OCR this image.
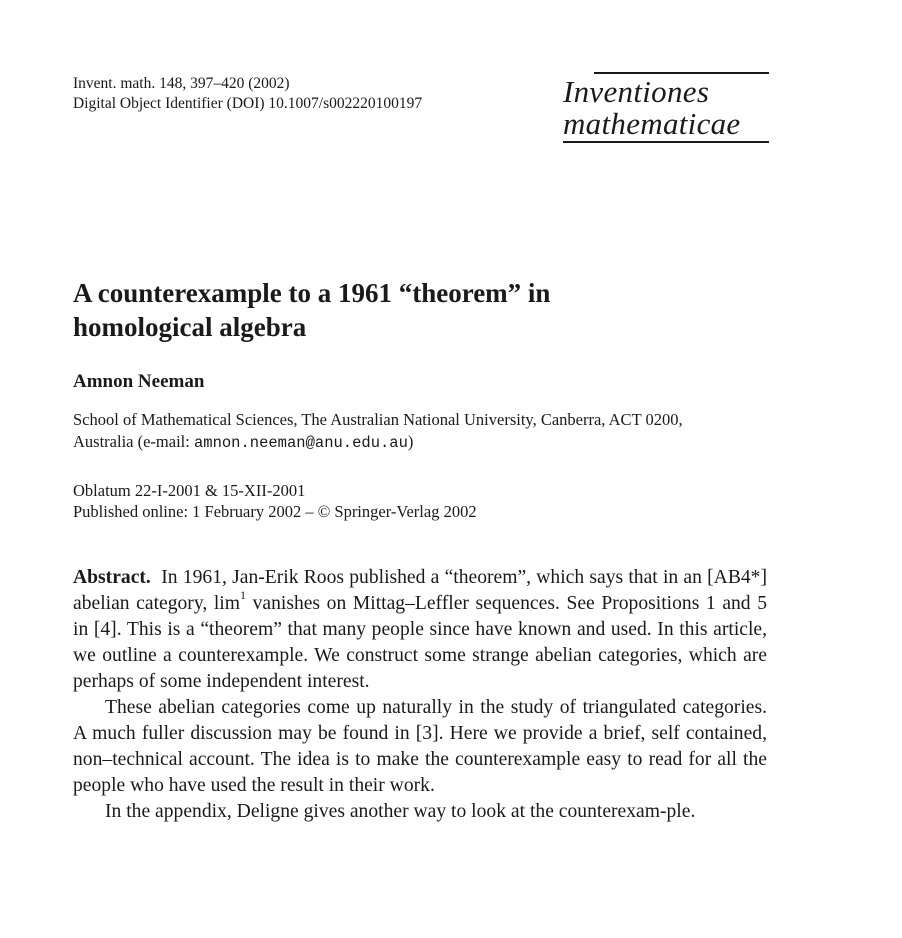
Invent. math. 148, 397–420 (2002)
Digital Object Identifier (DOI) 10.1007/s002220100197	Inventiones
mathematicae
A counterexample to a 1961 “theorem” in
homological algebra
Amnon Neeman
School of Mathematical Sciences, The Australian National University, Canberra, ACT 0200,
Australia (e-mail: amnon.neeman@anu.edu.au)
Oblatum 22-I-2001 & 15-XII-2001
Published online: 1 February 2002 – © Springer-Verlag 2002

Abstract. In 1961, Jan-Erik Roos published a “theorem”, which says that in an [AB4*] abelian category, $\lim^1$ vanishes on Mittag–Leffler sequences. See Propositions 1 and 5 in [4]. This is a “theorem” that many people since have known and used. In this article, we outline a counterexample. We construct some strange abelian categories, which are perhaps of some independent interest.

These abelian categories come up naturally in the study of triangulated categories. A much fuller discussion may be found in [3]. Here we provide a brief, self contained, non–technical account. The idea is to make the counterexample easy to read for all the people who have used the result in their work.

In the appendix, Deligne gives another way to look at the counterexam-ple.
